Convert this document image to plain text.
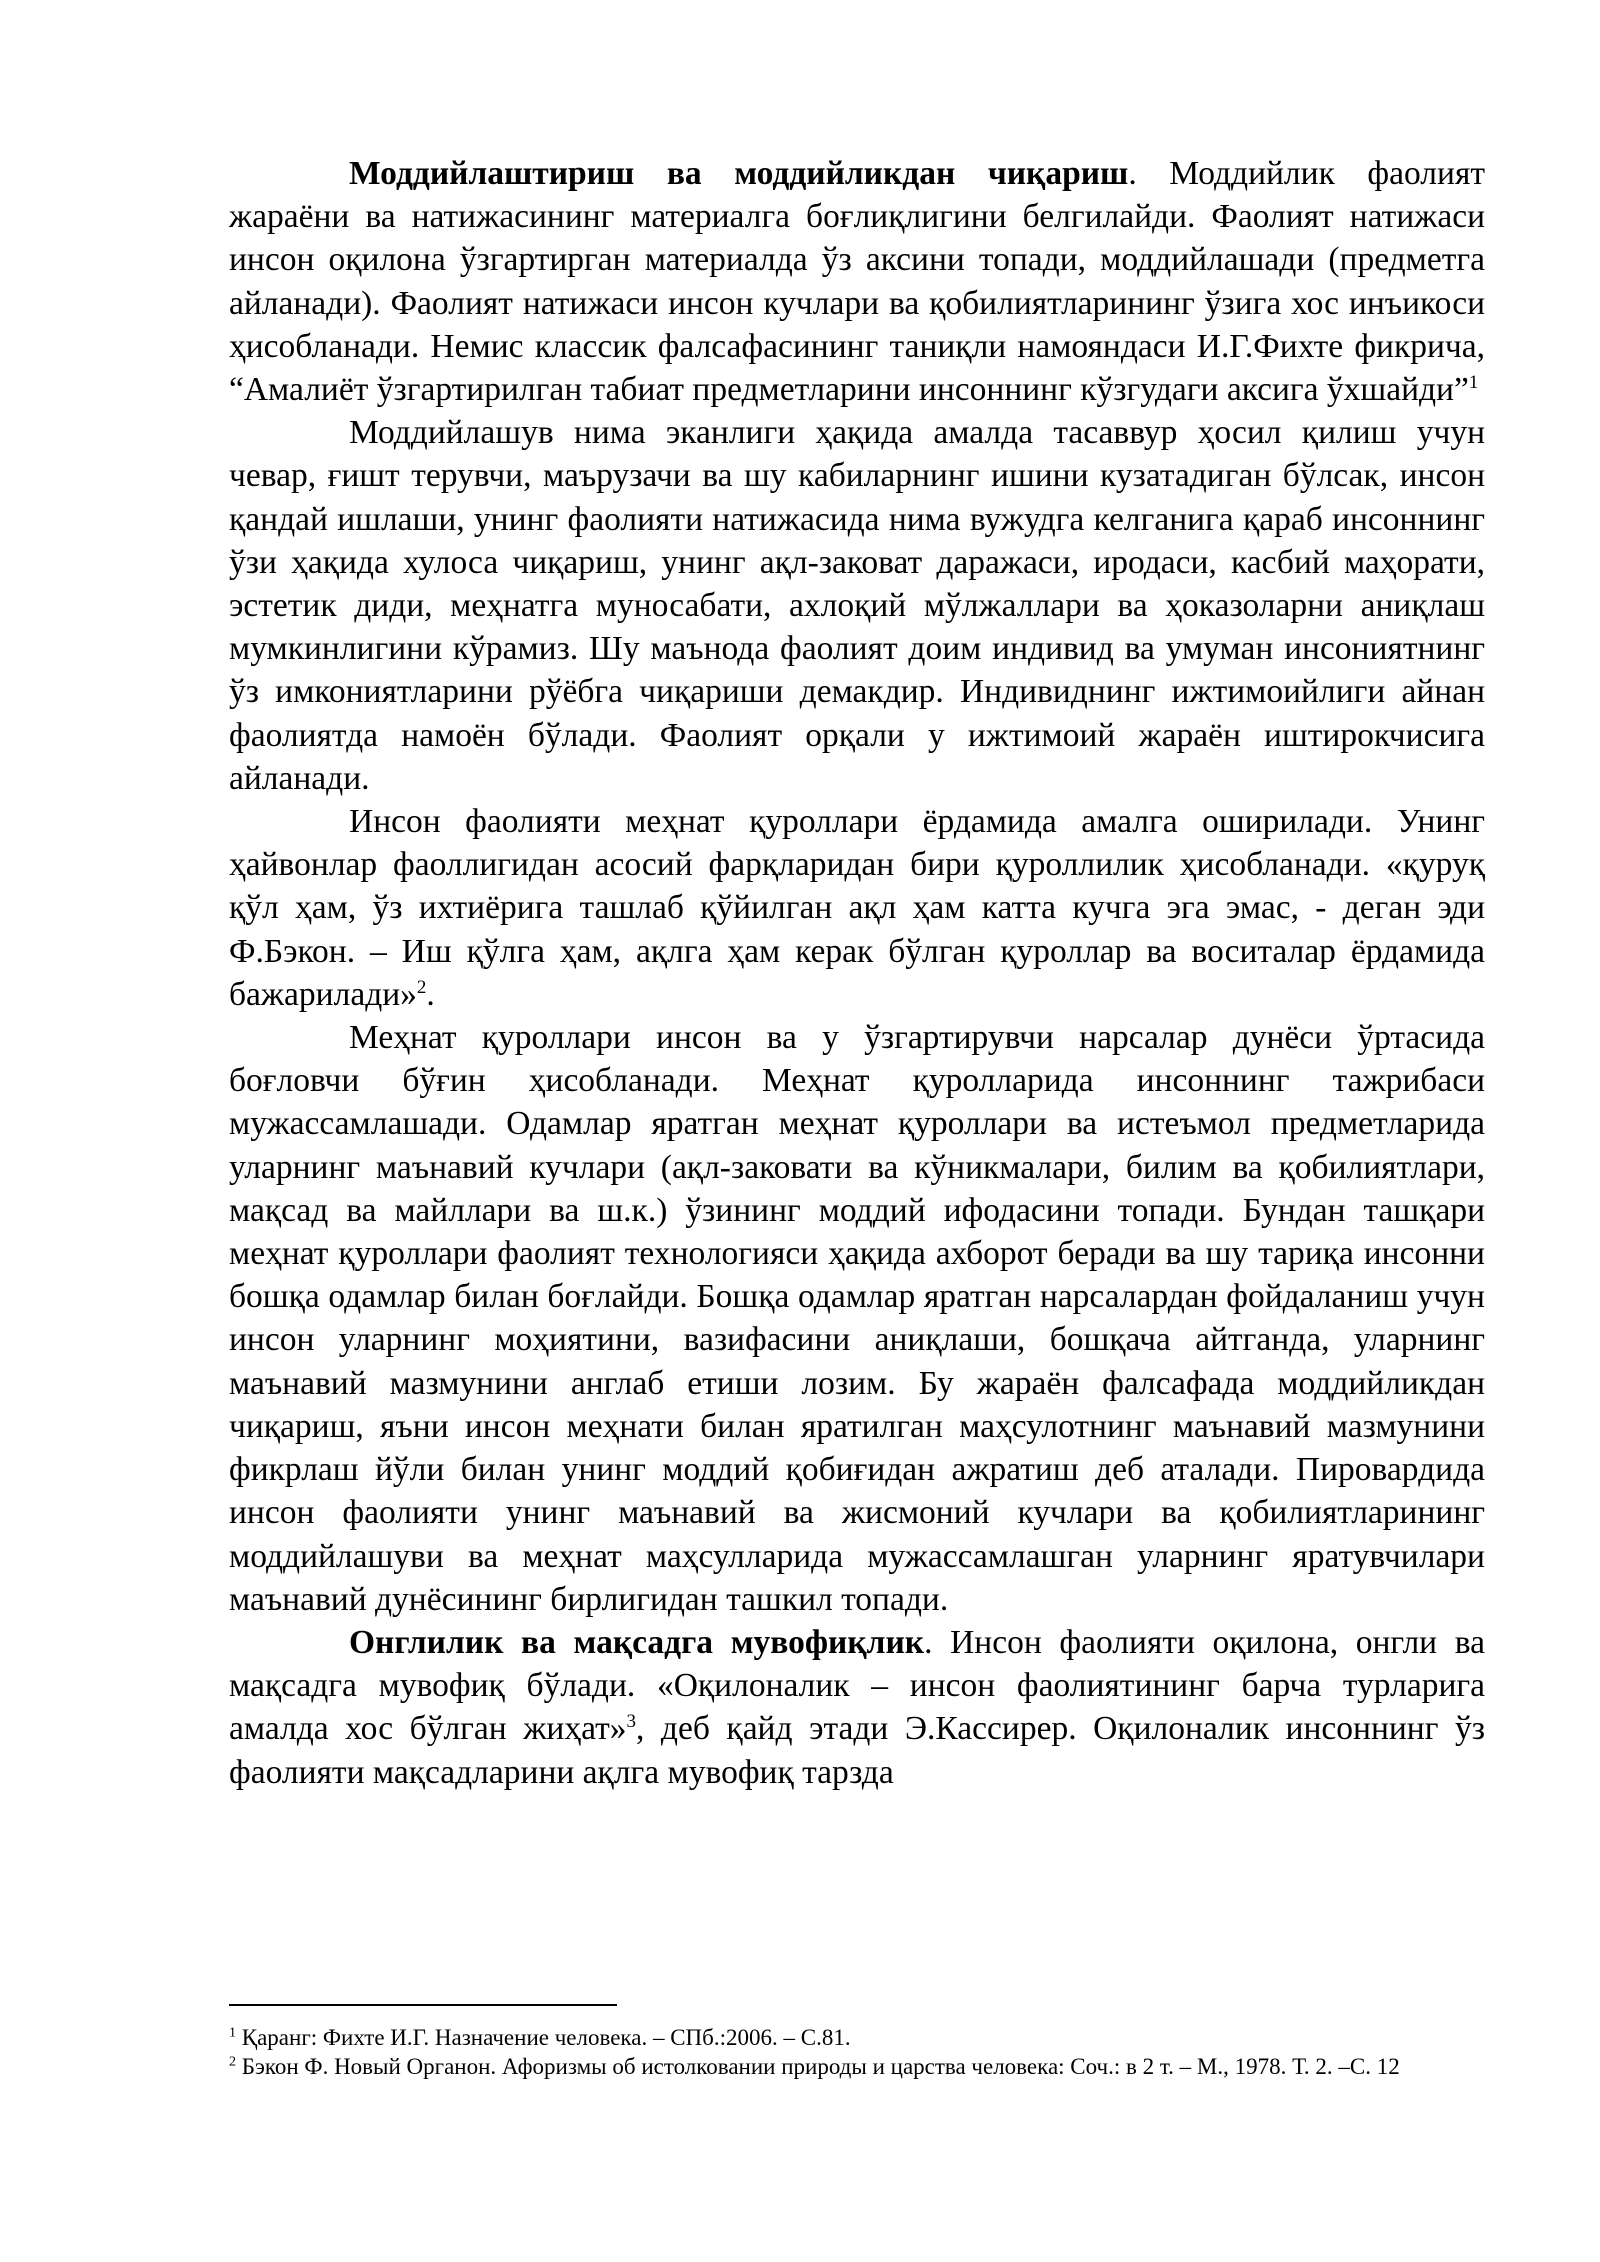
Моддийлаштириш ва моддийликдан чиқариш. Моддийлик фаолият жараёни ва натижасининг материалга боғлиқлигини белгилайди. Фаолият натижаси инсон оқилона ўзгартирган материалда ўз аксини топади, моддийлашади (предметга айланади). Фаолият натижаси инсон кучлари ва қобилиятларининг ўзига хос инъикоси ҳисобланади. Немис классик фалсафасининг таниқли намояндаси И.Г.Фихте фикрича, “Амалиёт ўзгартирилган табиат предметларини инсоннинг кўзгудаги аксига ўхшайди”$^1$

Моддийлашув нима эканлиги ҳақида амалда тасаввур ҳосил қилиш учун чевар, ғишт терувчи, маърузачи ва шу кабиларнинг ишини кузатадиган бўлсак, инсон қандай ишлаши, унинг фаолияти натижасида нима вужудга келганига қараб инсоннинг ўзи ҳақида хулоса чиқариш, унинг ақл-заковат даражаси, иродаси, касбий маҳорати, эстетик диди, меҳнатга муносабати, ахлоқий мўлжаллари ва ҳоказоларни аниқлаш мумкинлигини кўрамиз. Шу маънода фаолият доим индивид ва умуман инсониятнинг ўз имкониятларини рўёбга чиқариши демакдир. Индивиднинг ижтимоийлиги айнан фаолиятда намоён бўлади. Фаолият орқали у ижтимоий жараён иштирокчисига айланади.

Инсон фаолияти меҳнат қуроллари ёрдамида амалга оширилади. Унинг ҳайвонлар фаоллигидан асосий фарқларидан бири қуроллилик ҳисобланади. «қуруқ қўл ҳам, ўз ихтиёрига ташлаб қўйилган ақл ҳам катта кучга эга эмас, - деган эди Ф.Бэкон. – Иш қўлга ҳам, ақлга ҳам керак бўлган қуроллар ва воситалар ёрдамида бажарилади»$^2$.

Меҳнат қуроллари инсон ва у ўзгартирувчи нарсалар дунёси ўртасида боғловчи бўғин ҳисобланади. Меҳнат қуролларида инсоннинг тажрибаси мужассамлашади. Одамлар яратган меҳнат қуроллари ва истеъмол предметларида уларнинг маънавий кучлари (ақл-заковати ва кўникмалари, билим ва қобилиятлари, мақсад ва майллари ва ш.к.) ўзининг моддий ифодасини топади. Бундан ташқари меҳнат қуроллари фаолият технологияси ҳақида ахборот беради ва шу тариқа инсонни бошқа одамлар билан боғлайди. Бошқа одамлар яратган нарсалардан фойдаланиш учун инсон уларнинг моҳиятини, вазифасини аниқлаши, бошқача айтганда, уларнинг маънавий мазмунини англаб етиши лозим. Бу жараён фалсафада моддийликдан чиқариш, яъни инсон меҳнати билан яратилган маҳсулотнинг маънавий мазмунини фикрлаш йўли билан унинг моддий қобиғидан ажратиш деб аталади. Пировардида инсон фаолияти унинг маънавий ва жисмоний кучлари ва қобилиятларининг моддийлашуви ва меҳнат маҳсулларида мужассамлашган уларнинг яратувчилари маънавий дунёсининг бирлигидан ташкил топади.

Онглилик ва мақсадга мувофиқлик. Инсон фаолияти оқилона, онгли ва мақсадга мувофиқ бўлади. «Оқилоналик – инсон фаолиятининг барча турларига амалда хос бўлган жиҳат»$^3$, деб қайд этади Э.Кассирер. Оқилоналик инсоннинг ўз фаолияти мақсадларини ақлга мувофиқ тарзда

$^1$ Қаранг: Фихте И.Г. Назначение человека. – СПб.:2006. – С.81.

$^2$ Бэкон Ф. Новый Органон. Афоризмы об истолковании природы и царства человека: Соч.: в 2 т. – М., 1978. Т. 2. –С. 12
